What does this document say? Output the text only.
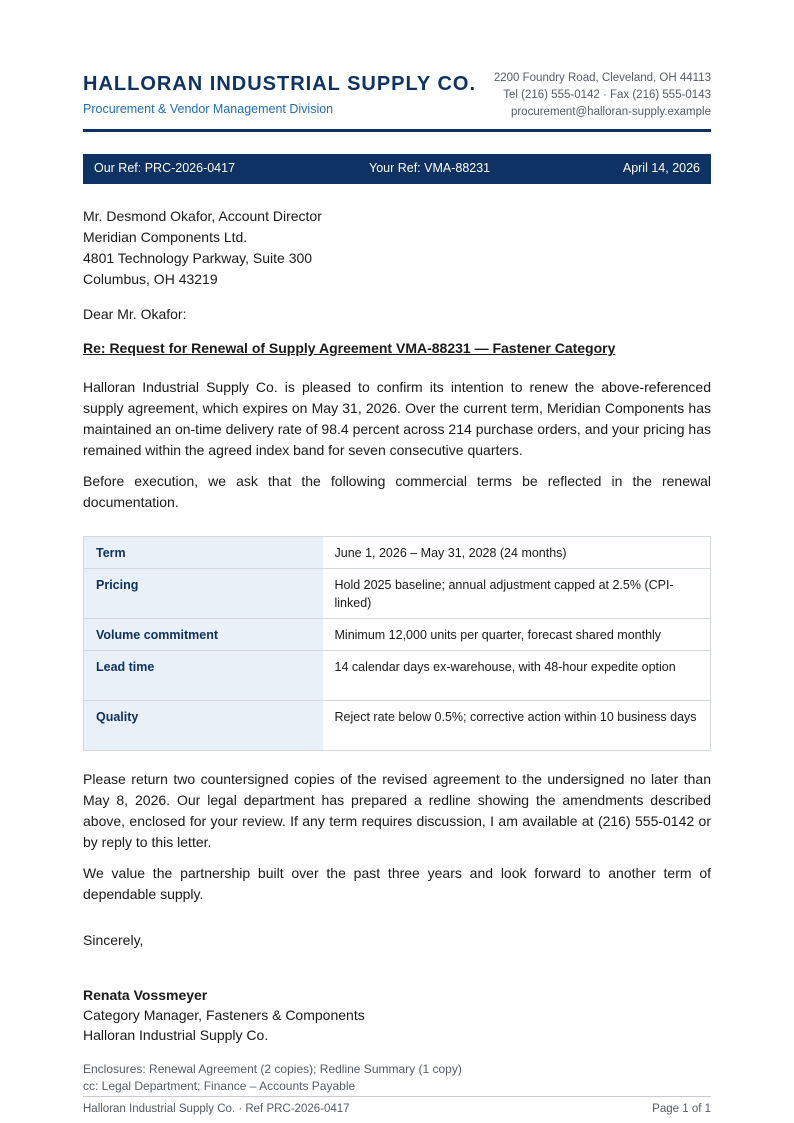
HALLORAN INDUSTRIAL SUPPLY CO.
Procurement & Vendor Management Division
2200 Foundry Road, Cleveland, OH 44113
Tel (216) 555-0142 · Fax (216) 555-0143
procurement@halloran-supply.example
Our Ref: PRC-2026-0417	Your Ref: VMA-88231	April 14, 2026
Mr. Desmond Okafor, Account Director
Meridian Components Ltd.
4801 Technology Parkway, Suite 300
Columbus, OH 43219
Dear Mr. Okafor:
Re: Request for Renewal of Supply Agreement VMA-88231 — Fastener Category

Halloran Industrial Supply Co. is pleased to confirm its intention to renew the above-referenced supply agreement, which expires on May 31, 2026. Over the current term, Meridian Components has maintained an on-time delivery rate of 98.4 percent across 214 purchase orders, and your pricing has remained within the agreed index band for seven consecutive quarters.

Before execution, we ask that the following commercial terms be reflected in the renewal documentation.

Term	June 1, 2026 – May 31, 2028 (24 months)
Pricing	Hold 2025 baseline; annual adjustment capped at 2.5% (CPI-linked)
Volume commitment	Minimum 12,000 units per quarter, forecast shared monthly
Lead time	14 calendar days ex-warehouse, with 48-hour expedite option
Quality	Reject rate below 0.5%; corrective action within 10 business days

Please return two countersigned copies of the revised agreement to the undersigned no later than May 8, 2026. Our legal department has prepared a redline showing the amendments described above, enclosed for your review. If any term requires discussion, I am available at (216) 555-0142 or by reply to this letter.

We value the partnership built over the past three years and look forward to another term of dependable supply.

Sincerely,
Renata Vossmeyer
Category Manager, Fasteners & Components
Halloran Industrial Supply Co.
Enclosures: Renewal Agreement (2 copies); Redline Summary (1 copy)
cc: Legal Department; Finance – Accounts Payable
Halloran Industrial Supply Co. · Ref PRC-2026-0417	Page 1 of 1
